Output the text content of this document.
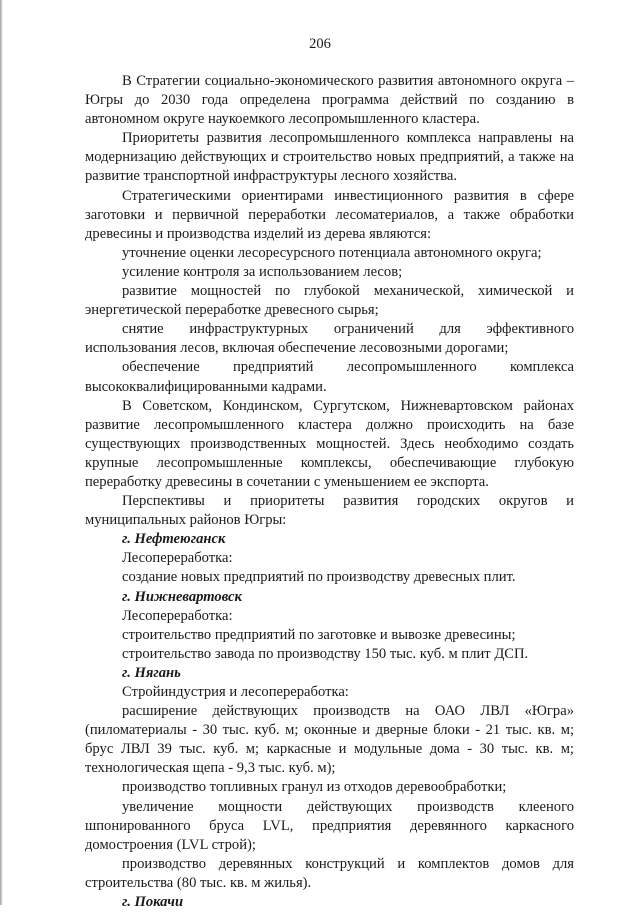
206

В Стратегии социально-экономического развития автономного округа – Югры до 2030 года определена программа действий по созданию в автономном округе наукоемкого лесопромышленного кластера.

Приоритеты развития лесопромышленного комплекса направлены на модернизацию действующих и строительство новых предприятий, а также на развитие транспортной инфраструктуры лесного хозяйства.

Стратегическими ориентирами инвестиционного развития в сфере заготовки и первичной переработки лесоматериалов, а также обработки древесины и производства изделий из дерева являются:

уточнение оценки лесоресурсного потенциала автономного округа;

усиление контроля за использованием лесов;

развитие мощностей по глубокой механической, химической и энергетической переработке древесного сырья;

снятие инфраструктурных ограничений для эффективного использования лесов, включая обеспечение лесовозными дорогами;

обеспечение предприятий лесопромышленного комплекса высококвалифицированными кадрами.

В Советском, Кондинском, Сургутском, Нижневартовском районах развитие лесопромышленного кластера должно происходить на базе существующих производственных мощностей. Здесь необходимо создать крупные лесопромышленные комплексы, обеспечивающие глубокую переработку древесины в сочетании с уменьшением ее экспорта.

Перспективы и приоритеты развития городских округов и муниципальных районов Югры:

г. Нефтеюганск

Лесопереработка:

создание новых предприятий по производству древесных плит.

г. Нижневартовск

Лесопереработка:

строительство предприятий по заготовке и вывозке древесины;

строительство завода по производству 150 тыс. куб. м плит ДСП.

г. Нягань

Стройиндустрия и лесопереработка:

расширение действующих производств на ОАО ЛВЛ «Югра» (пиломатериалы - 30 тыс. куб. м; оконные и дверные блоки - 21 тыс. кв. м; брус ЛВЛ 39 тыс. куб. м; каркасные и модульные дома - 30 тыс. кв. м; технологическая щепа - 9,3 тыс. куб. м);

производство топливных гранул из отходов деревообработки;

увеличение мощности действующих производств клееного шпонированного бруса LVL, предприятия деревянного каркасного домостроения (LVL строй);

производство деревянных конструкций и комплектов домов для строительства (80 тыс. кв. м жилья).

г. Покачи
